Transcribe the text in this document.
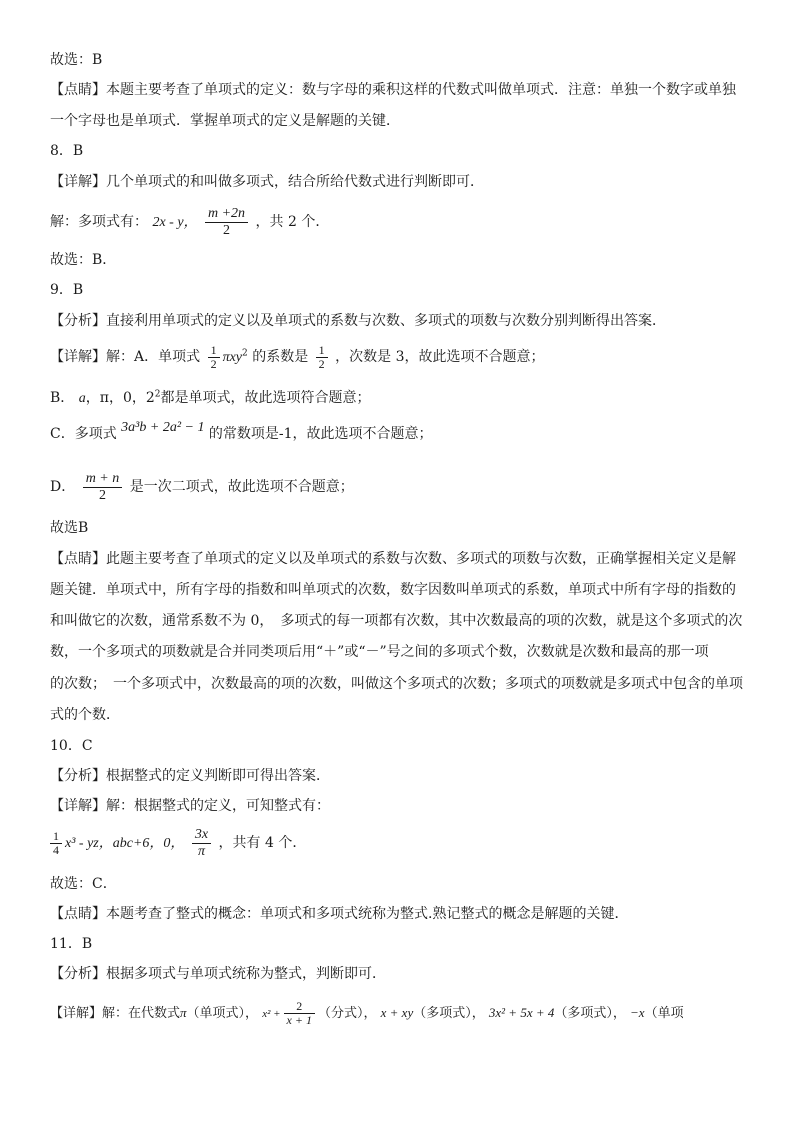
故选：B
【点睛】本题主要考查了单项式的定义：数与字母的乘积这样的代数式叫做单项式．注意：单独一个数字或单独
一个字母也是单项式．掌握单项式的定义是解题的关键．
8．B
【详解】几个单项式的和叫做多项式，结合所给代数式进行判断即可．
解：多项式有： 2x - y， $\frac{m +2n}{2}$ ，共 2 个．
故选：B．
9．B
【分析】直接利用单项式的定义以及单项式的系数与次数、多项式的项数与次数分别判断得出答案．
【详解】解：A．单项式 $\frac{1}{2} \pi xy^2$ 的系数是 $\frac{1}{2}$ ，次数是 3，故此选项不合题意；
B． a，π，0，$2^2$都是单项式，故此选项符合题意；
C．多项式 3a³b + 2a² − 1 的常数项是-1，故此选项不合题意；
D． $\frac{m + n}{2}$ 是一次二项式，故此选项不合题意；
故选B
【点睛】此题主要考查了单项式的定义以及单项式的系数与次数、多项式的项数与次数，正确掌握相关定义是解
题关键．单项式中，所有字母的指数和叫单项式的次数，数字因数叫单项式的系数，单项式中所有字母的指数的
和叫做它的次数，通常系数不为 0，　多项式的每一项都有次数，其中次数最高的项的次数，就是这个多项式的次
数，一个多项式的项数就是合并同类项后用“＋”或“－”号之间的多项式个数，次数就是次数和最高的那一项
的次数；　一个多项式中，次数最高的项的次数，叫做这个多项式的次数；多项式的项数就是多项式中包含的单项
式的个数．
10．C
【分析】根据整式的定义判断即可得出答案．
【详解】解：根据整式的定义，可知整式有：
$\frac{1}{4} x^3$ - yz，abc+6，0， $\frac{3x}{\pi}$ ，共有 4 个．
故选：C．
【点睛】本题考查了整式的概念：单项式和多项式统称为整式.熟记整式的概念是解题的关键．
11．B
【分析】根据多项式与单项式统称为整式，判断即可．
【详解】解：在代数式π（单项式）， $x^2 + \frac{2}{x + 1}$ （分式）， x + xy（多项式）， 3x² + 5x + 4（多项式）， −x（单项
